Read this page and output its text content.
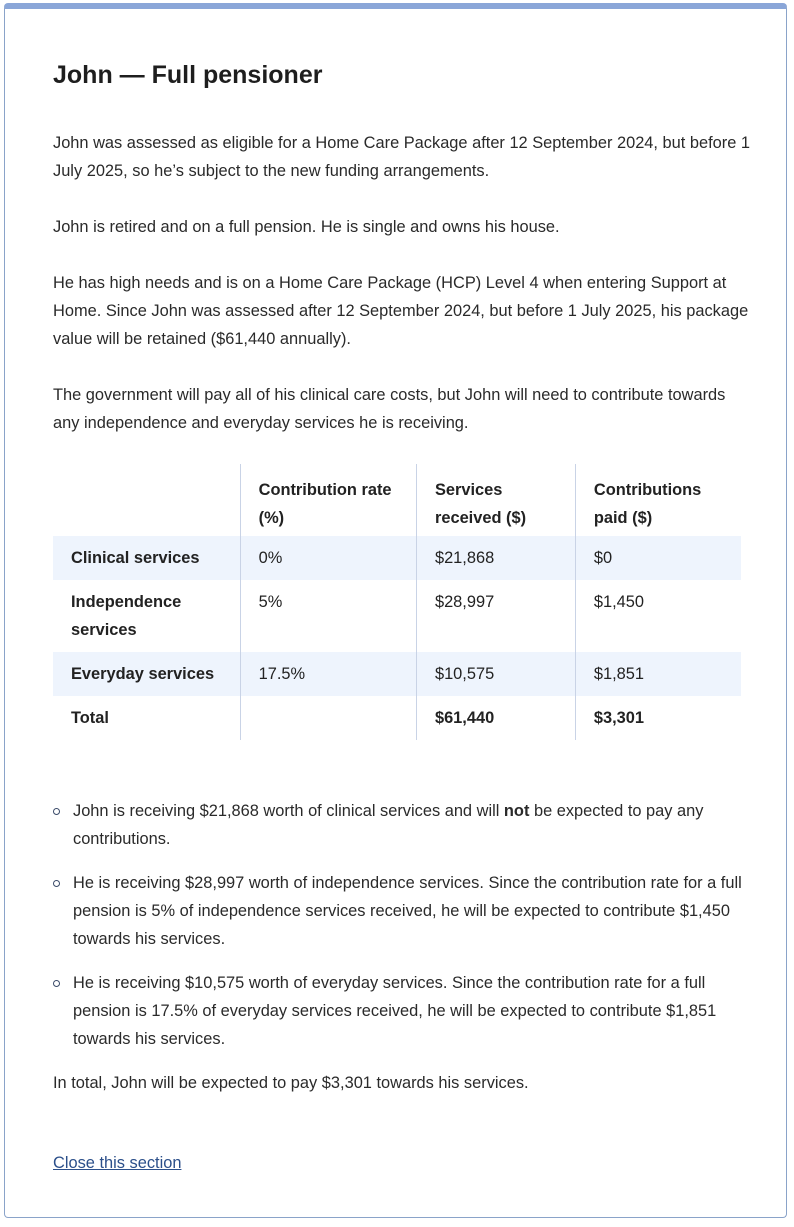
John — Full pensioner

John was assessed as eligible for a Home Care Package after 12 September 2024, but before 1 July 2025, so he’s subject to the new funding arrangements.

John is retired and on a full pension. He is single and owns his house.

He has high needs and is on a Home Care Package (HCP) Level 4 when entering Support at Home. Since John was assessed after 12 September 2024, but before 1 July 2025, his package value will be retained ($61,440 annually).

The government will pay all of his clinical care costs, but John will need to contribute towards any independence and everyday services he is receiving.

	Contribution rate (%)	Services received ($)	Contributions paid ($)
Clinical services	0%	$21,868	$0
Independence services	5%	$28,997	$1,450
Everyday services	17.5%	$10,575	$1,851
Total		$61,440	$3,301
John is receiving $21,868 worth of clinical services and will not be expected to pay any contributions.
He is receiving $28,997 worth of independence services. Since the contribution rate for a full pension is 5% of independence services received, he will be expected to contribute $1,450 towards his services.
He is receiving $10,575 worth of everyday services. Since the contribution rate for a full pension is 17.5% of everyday services received, he will be expected to contribute $1,851 towards his services.

In total, John will be expected to pay $3,301 towards his services.

Close this section
